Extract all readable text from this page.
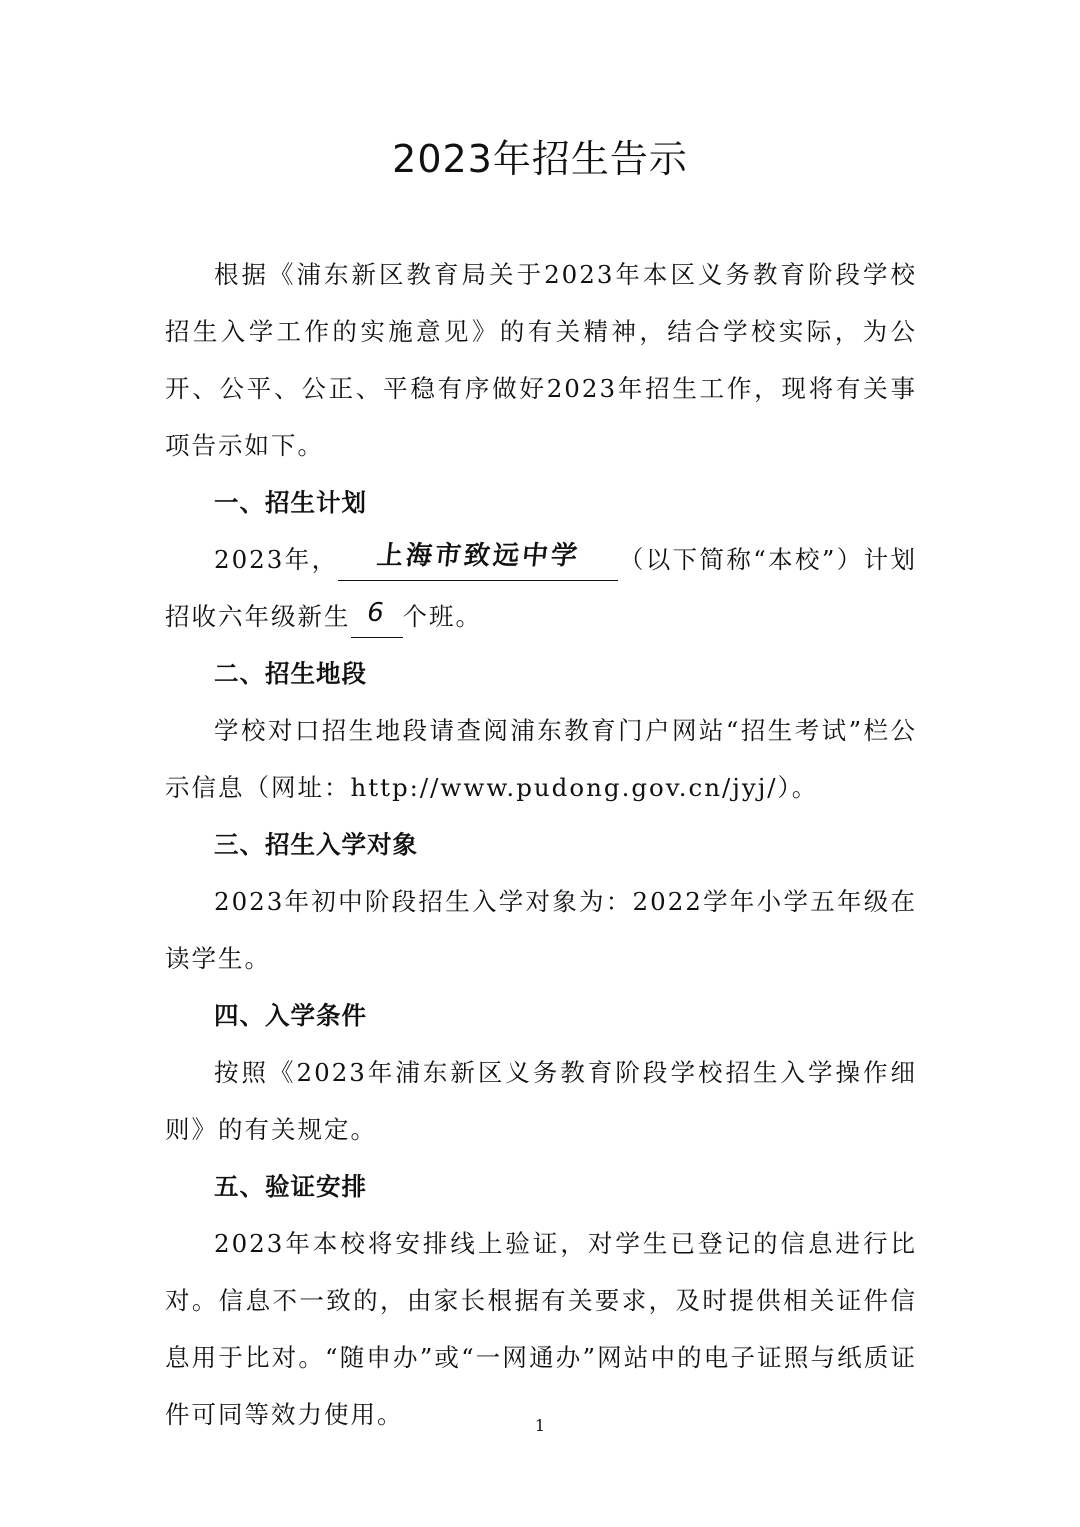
2023年招生告示

根据《浦东新区教育局关于2023年本区义务教育阶段学校招生入学工作的实施意见》的有关精神，结合学校实际，为公开、公平、公正、平稳有序做好2023年招生工作，现将有关事项告示如下。

一、招生计划

2023年， 上海市致远中学 （以下简称“本校”）计划招收六年级新生 6 个班。

二、招生地段

学校对口招生地段请查阅浦东教育门户网站“招生考试”栏公示信息（网址：http://www.pudong.gov.cn/jyj/）。

三、招生入学对象

2023年初中阶段招生入学对象为：2022学年小学五年级在读学生。

四、入学条件

按照《2023年浦东新区义务教育阶段学校招生入学操作细则》的有关规定。

五、验证安排

2023年本校将安排线上验证，对学生已登记的信息进行比对。信息不一致的，由家长根据有关要求，及时提供相关证件信息用于比对。“随申办”或“一网通办”网站中的电子证照与纸质证件可同等效力使用。	1
